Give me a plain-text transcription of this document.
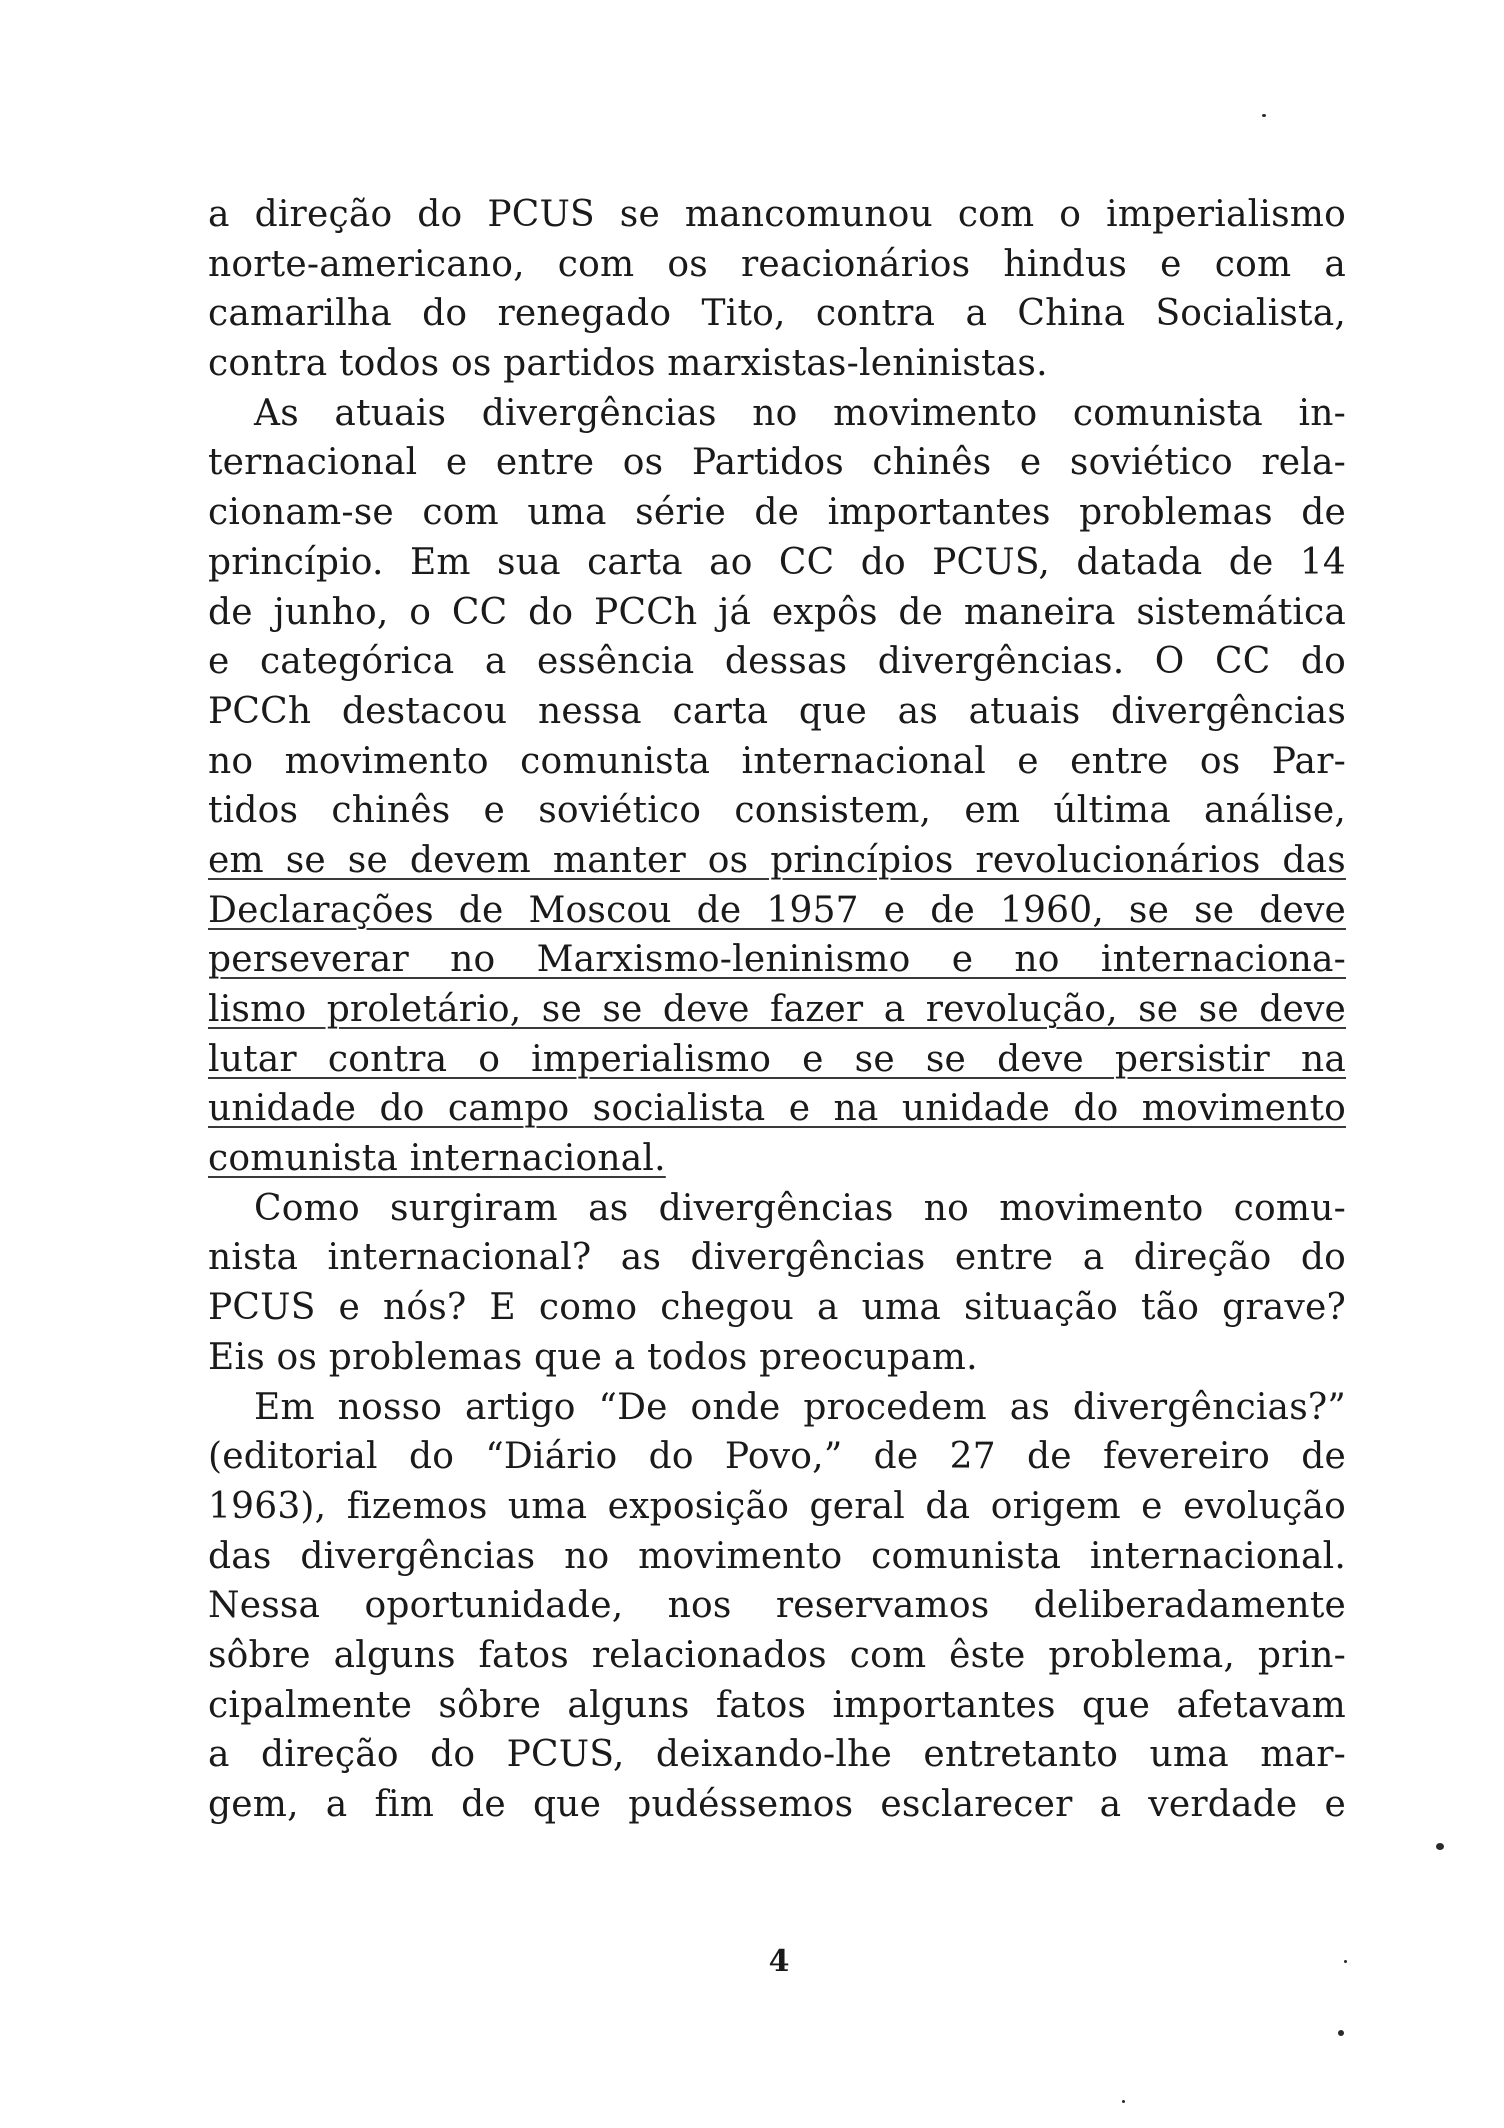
a direção do PCUS se mancomunou com o imperialismo
norte-americano, com os reacionários hindus e com a
camarilha do renegado Tito, contra a China Socialista,
contra todos os partidos marxistas-leninistas.
As atuais divergências no movimento comunista in-
ternacional e entre os Partidos chinês e soviético rela-
cionam-se com uma série de importantes problemas de
princípio. Em sua carta ao CC do PCUS, datada de 14
de junho, o CC do PCCh já expôs de maneira sistemática
e categórica a essência dessas divergências. O CC do
PCCh destacou nessa carta que as atuais divergências
no movimento comunista internacional e entre os Par-
tidos chinês e soviético consistem, em última análise,
em se se devem manter os princípios revolucionários das
Declarações de Moscou de 1957 e de 1960, se se deve
perseverar no Marxismo-leninismo e no internaciona-
lismo proletário, se se deve fazer a revolução, se se deve
lutar contra o imperialismo e se se deve persistir na
unidade do campo socialista e na unidade do movimento
comunista internacional.
Como surgiram as divergências no movimento comu-
nista internacional? as divergências entre a direção do
PCUS e nós? E como chegou a uma situação tão grave?
Eis os problemas que a todos preocupam.
Em nosso artigo “De onde procedem as divergências?”
(editorial do “Diário do Povo,” de 27 de fevereiro de
1963), fizemos uma exposição geral da origem e evolução
das divergências no movimento comunista internacional.
Nessa oportunidade, nos reservamos deliberadamente
sôbre alguns fatos relacionados com êste problema, prin-
cipalmente sôbre alguns fatos importantes que afetavam
a direção do PCUS, deixando-lhe entretanto uma mar-
gem, a fim de que pudéssemos esclarecer a verdade e
4
